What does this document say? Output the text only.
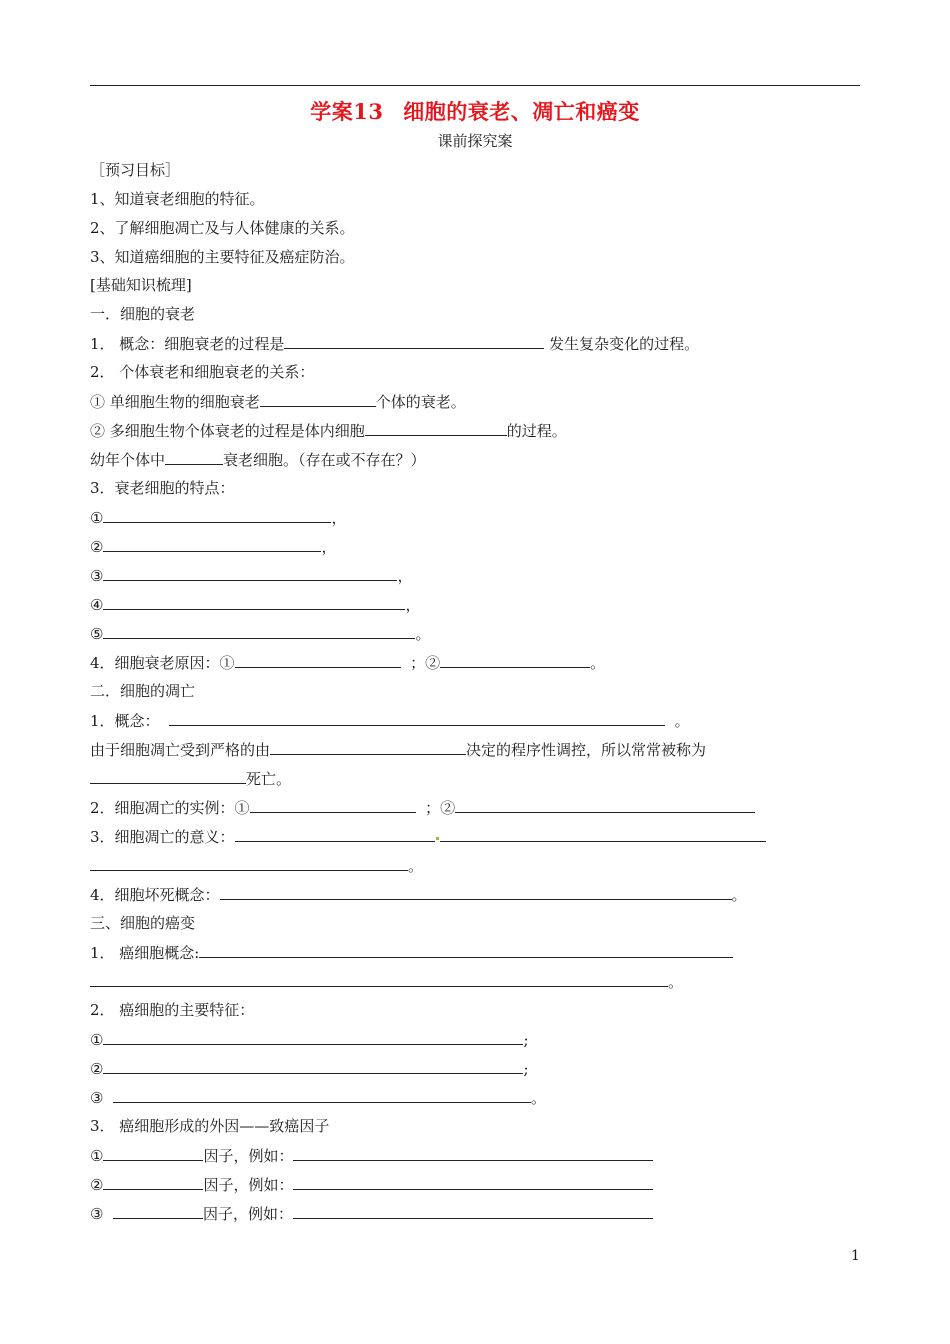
学案13 细胞的衰老、凋亡和癌变
课前探究案
［预习目标］
1、知道衰老细胞的特征。
2、了解细胞凋亡及与人体健康的关系。
3、知道癌细胞的主要特征及癌症防治。
[基础知识梳理]
一．细胞的衰老
1． 概念：细胞衰老的过程是	发生复杂变化的过程。
2． 个体衰老和细胞衰老的关系：
① 单细胞生物的细胞衰老	个体的衰老。
② 多细胞生物个体衰老的过程是体内细胞	的过程。
幼年个体中	衰老细胞。（存在或不存在？）
3．衰老细胞的特点：
①	，
②	，
③	，
④	，
⑤	。
4．细胞衰老原因：①	；②	。
二．细胞的凋亡
1．概念：	。
由于细胞凋亡受到严格的由	决定的程序性调控，所以常常被称为
死亡。
2．细胞凋亡的实例：①	；②
3．细胞凋亡的意义：
。
4．细胞坏死概念：	。
三、细胞的癌变
1． 癌细胞概念:
。
2． 癌细胞的主要特征：
①	;
②	;
③	。
3． 癌细胞形成的外因——致癌因子
①	因子，例如：
②	因子，例如：
③	因子，例如：
1
